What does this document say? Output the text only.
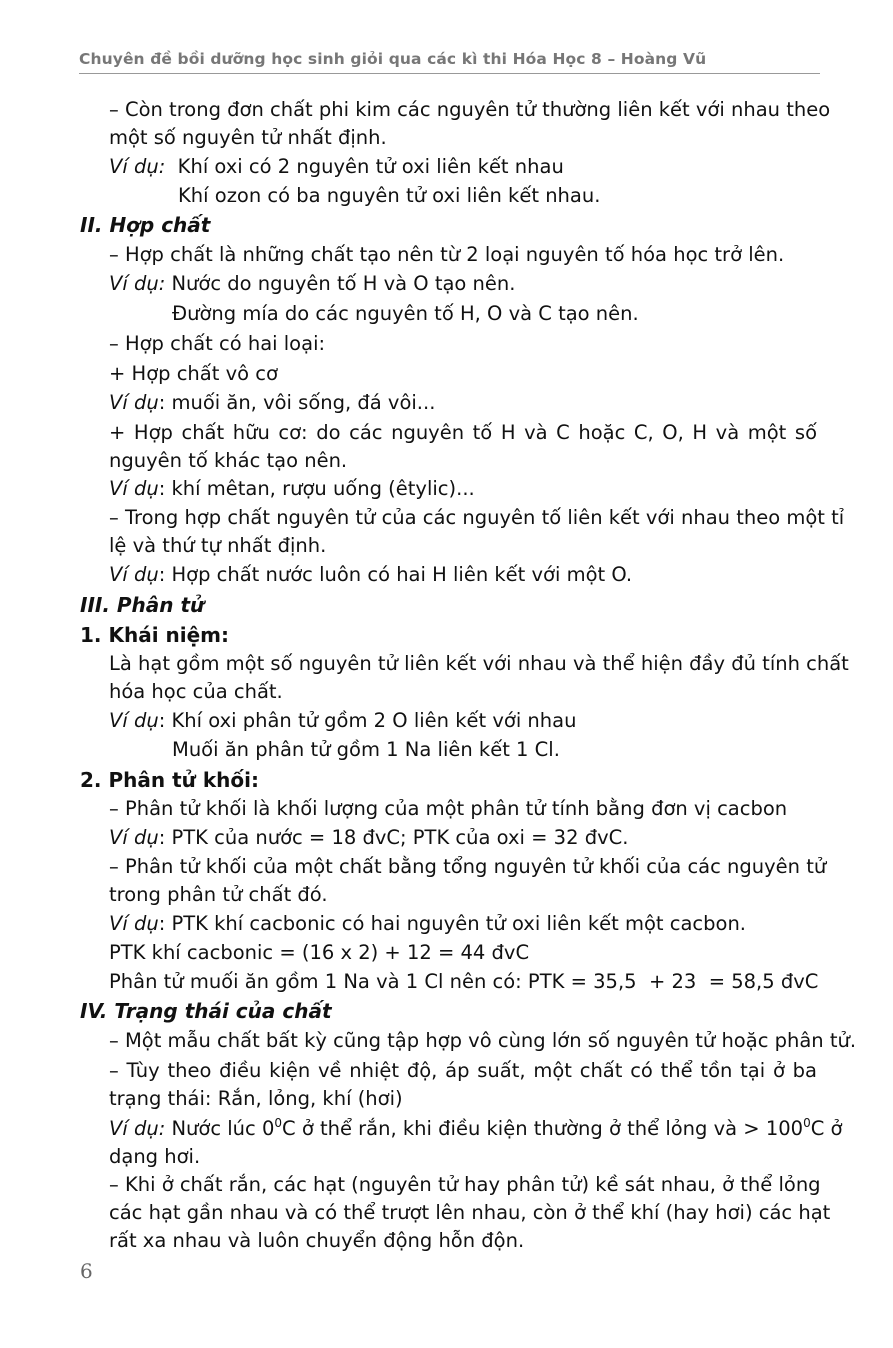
Chuyên đề bồi dưỡng học sinh giỏi qua các kì thi Hóa Học 8 – Hoàng Vũ
– Còn trong đơn chất phi kim các nguyên tử thường liên kết với nhau theo
một số nguyên tử nhất định.
Ví dụ: Khí oxi có 2 nguyên tử oxi liên kết nhau
Khí ozon có ba nguyên tử oxi liên kết nhau.
II. Hợp chất
– Hợp chất là những chất tạo nên từ 2 loại nguyên tố hóa học trở lên.
Ví dụ: Nước do nguyên tố H và O tạo nên.
Đường mía do các nguyên tố H, O và C tạo nên.
– Hợp chất có hai loại:
+ Hợp chất vô cơ
Ví dụ: muối ăn, vôi sống, đá vôi...
+ Hợp chất hữu cơ: do các nguyên tố H và C hoặc C, O, H và một số
nguyên tố khác tạo nên.
Ví dụ: khí mêtan, rượu uống (êtylic)...
– Trong hợp chất nguyên tử của các nguyên tố liên kết với nhau theo một tỉ
lệ và thứ tự nhất định.
Ví dụ: Hợp chất nước luôn có hai H liên kết với một O.
III. Phân tử
1. Khái niệm:
Là hạt gồm một số nguyên tử liên kết với nhau và thể hiện đầy đủ tính chất
hóa học của chất.
Ví dụ: Khí oxi phân tử gồm 2 O liên kết với nhau
Muối ăn phân tử gồm 1 Na liên kết 1 Cl.
2. Phân tử khối:
– Phân tử khối là khối lượng của một phân tử tính bằng đơn vị cacbon
Ví dụ: PTK của nước = 18 đvC; PTK của oxi = 32 đvC.
– Phân tử khối của một chất bằng tổng nguyên tử khối của các nguyên tử
trong phân tử chất đó.
Ví dụ: PTK khí cacbonic có hai nguyên tử oxi liên kết một cacbon.
PTK khí cacbonic = (16 x 2) + 12 = 44 đvC
Phân tử muối ăn gồm 1 Na và 1 Cl nên có: PTK = 35,5  + 23  = 58,5 đvC
IV. Trạng thái của chất
– Một mẫu chất bất kỳ cũng tập hợp vô cùng lớn số nguyên tử hoặc phân tử.
– Tùy theo điều kiện về nhiệt độ, áp suất, một chất có thể tồn tại ở ba
trạng thái: Rắn, lỏng, khí (hơi)
Ví dụ: Nước lúc $0^0C$ ở thể rắn, khi điều kiện thường ở thể lỏng và > $100^0C$ ở
dạng hơi.
– Khi ở chất rắn, các hạt (nguyên tử hay phân tử) kề sát nhau, ở thể lỏng
các hạt gần nhau và có thể trượt lên nhau, còn ở thể khí (hay hơi) các hạt
rất xa nhau và luôn chuyển động hỗn độn.
6
